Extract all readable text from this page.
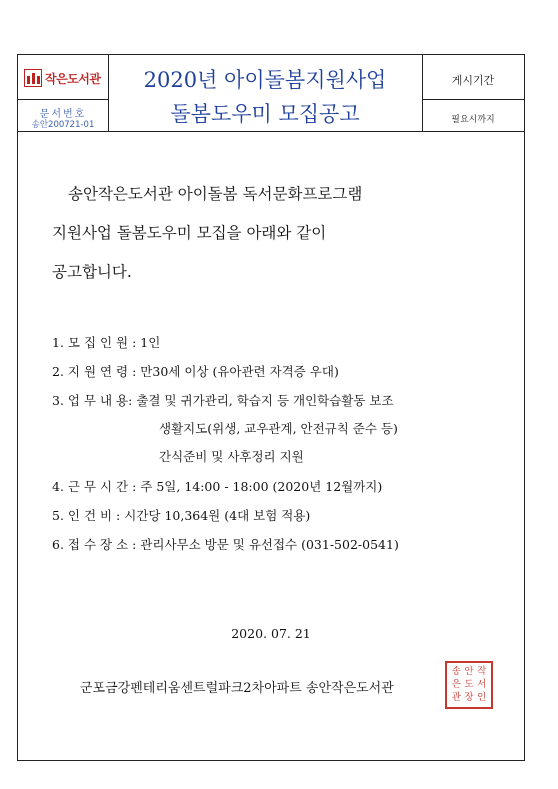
작은도서관
문서번호
송안200721-01
2020년 아이돌봄지원사업
돌봄도우미 모집공고
게시기간
필요시까지
송안작은도서관 아이돌봄 독서문화프로그램
지원사업 돌봄도우미 모집을 아래와 같이
공고합니다.
1. 모 집 인 원 : 1인
2. 지 원 연 령 : 만30세 이상 (유아관련 자격증 우대)
3. 업 무 내 용: 출결 및 귀가관리, 학습지 등 개인학습활동 보조
생활지도(위생, 교우관계, 안전규칙 준수 등)
간식준비 및 사후정리 지원
4. 근 무 시 간 : 주 5일, 14:00 - 18:00 (2020년 12월까지)
5. 인 건 비 : 시간당 10,364원 (4대 보험 적용)
6. 접 수 장 소 : 관리사무소 방문 및 유선접수 (031-502-0541)
2020. 07. 21
군포금강펜테리움센트럴파크2차아파트 송안작은도서관
송 안 작
은 도 서
관 장 인
